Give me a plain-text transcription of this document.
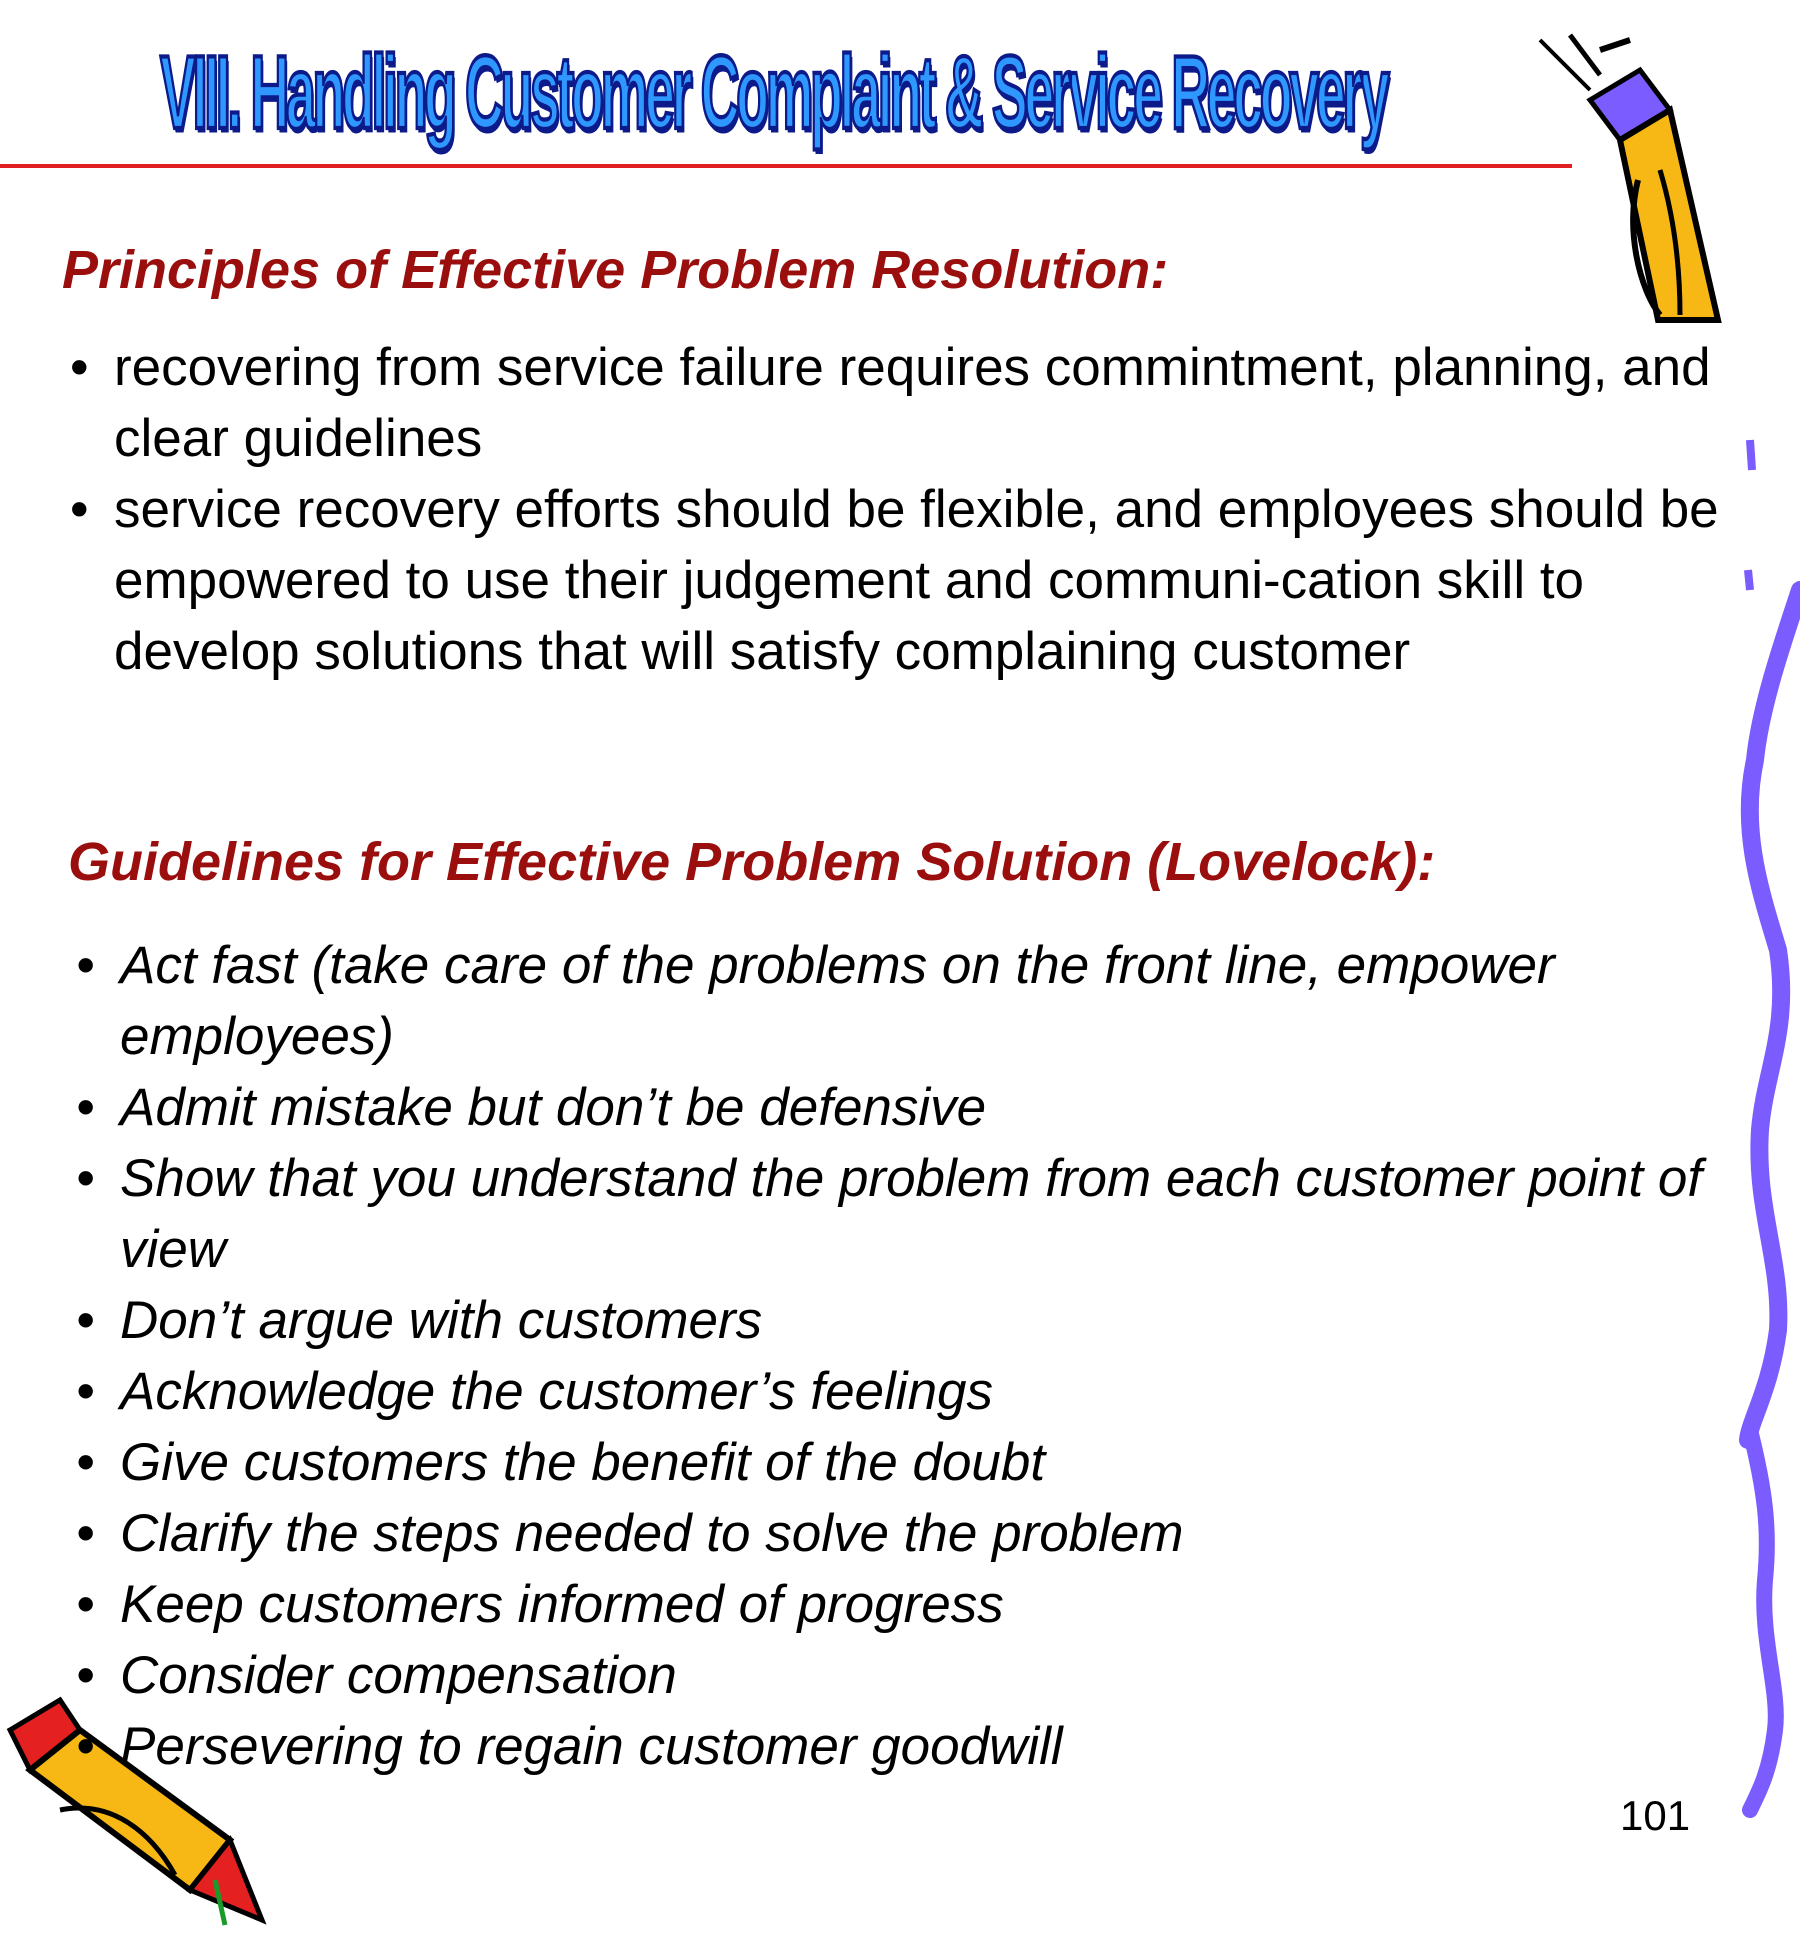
VIII. Handling Customer Complaint & Service Recovery
Principles of Effective Problem Resolution:
• recovering from service failure requires commintment, planning, and clear guidelines
• service recovery efforts should be flexible, and employees should be empowered to use their judgement and communi-cation skill to develop solutions that will satisfy complaining customer
Guidelines for Effective Problem Solution (Lovelock):
• Act fast (take care of the problems on the front line, empower employees)
• Admit mistake but don’t be defensive
• Show that you understand the problem from each customer point of view
• Don’t argue with customers
• Acknowledge the customer’s feelings
• Give customers the benefit of the doubt
• Clarify the steps needed to solve the problem
• Keep customers informed of progress
• Consider compensation
• Persevering to regain customer goodwill

101
